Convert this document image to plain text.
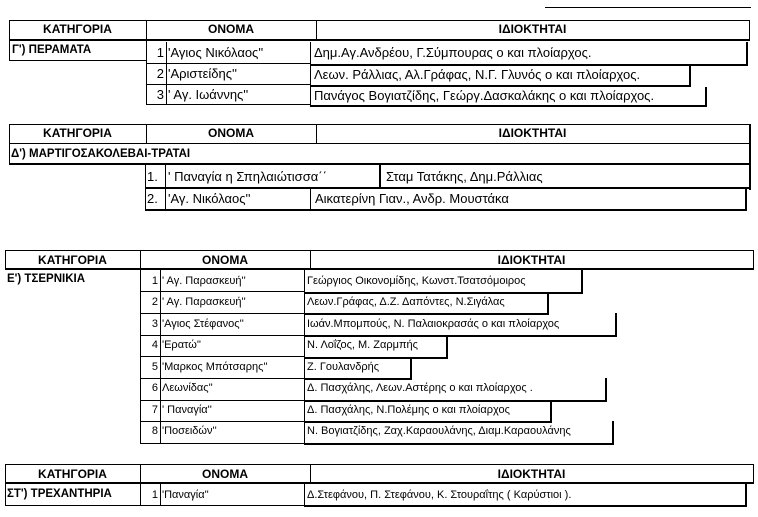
ΚΑΤΗΓΟΡΙΑ	ΟΝΟΜΑ	ΙΔΙΟΚΤΗΤΑΙ
Γ') ΠΕΡΑΜΑΤΑ	1 'Αγιος Νικόλαος''	Δημ.Αγ.Ανδρέου, Γ.Σύμπουρας ο και πλοίαρχος.
2 'Αριστείδης''	Λεων. Ράλλιας, Αλ.Γράφας, Ν.Γ. Γλυνός ο και πλοίαρχος.
3 ' Αγ. Ιωάννης''	Πανάγος Βογιατζίδης, Γεώργ.Δασκαλάκης ο και πλοίαρχος.
ΚΑΤΗΓΟΡΙΑ	ΟΝΟΜΑ	ΙΔΙΟΚΤΗΤΑΙ
Δ') ΜΑΡΤΙΓΟΣΑΚΟΛΕΒΑΙ-ΤΡΑΤΑΙ
1. ' Παναγία η Σπηλαιώτισσα΄΄	Σταμ Τατάκης, Δημ.Ράλλιας
2. 'Αγ. Νικόλαος''	Αικατερίνη Γιαν., Ανδρ. Μουστάκα
ΚΑΤΗΓΟΡΙΑ	ΟΝΟΜΑ	ΙΔΙΟΚΤΗΤΑΙ
Ε') ΤΣΕΡΝΙΚΙΑ	1 ' Αγ. Παρασκευή''	Γεώργιος Οικονομίδης, Κωνστ.Τσατσόμοιρος
2 ' Αγ. Παρασκευή''	Λεων.Γράφας, Δ.Ζ. Δαπόντες, Ν.Σιγάλας
3 'Αγιος Στέφανος''	Ιωάν.Μπομπούς, Ν. Παλαιοκρασάς ο και πλοίαρχος
4 'Ερατώ''	Ν. Λοΐζος, Μ. Ζαρμπής
5 'Μαρκος Μπότσαρης''	Ζ. Γουλανδρής
6 Λεωνίδας''	Δ. Πασχάλης, Λεων.Αστέρης ο και πλοίαρχος .
7 ' Παναγία''	Δ. Πασχάλης, Ν.Πολέμης ο και πλοίαρχος
8 'Ποσειδών''	Ν. Βογιατζίδης, Ζαχ.Καραουλάνης, Διαμ.Καραουλάνης
ΚΑΤΗΓΟΡΙΑ	ΟΝΟΜΑ	ΙΔΙΟΚΤΗΤΑΙ
ΣΤ') ΤΡΕΧΑΝΤΗΡΙΑ	1 'Παναγία''	Δ.Στεφάνου, Π. Στεφάνου, Κ. Στουραΐτης ( Καρύστιοι ).
